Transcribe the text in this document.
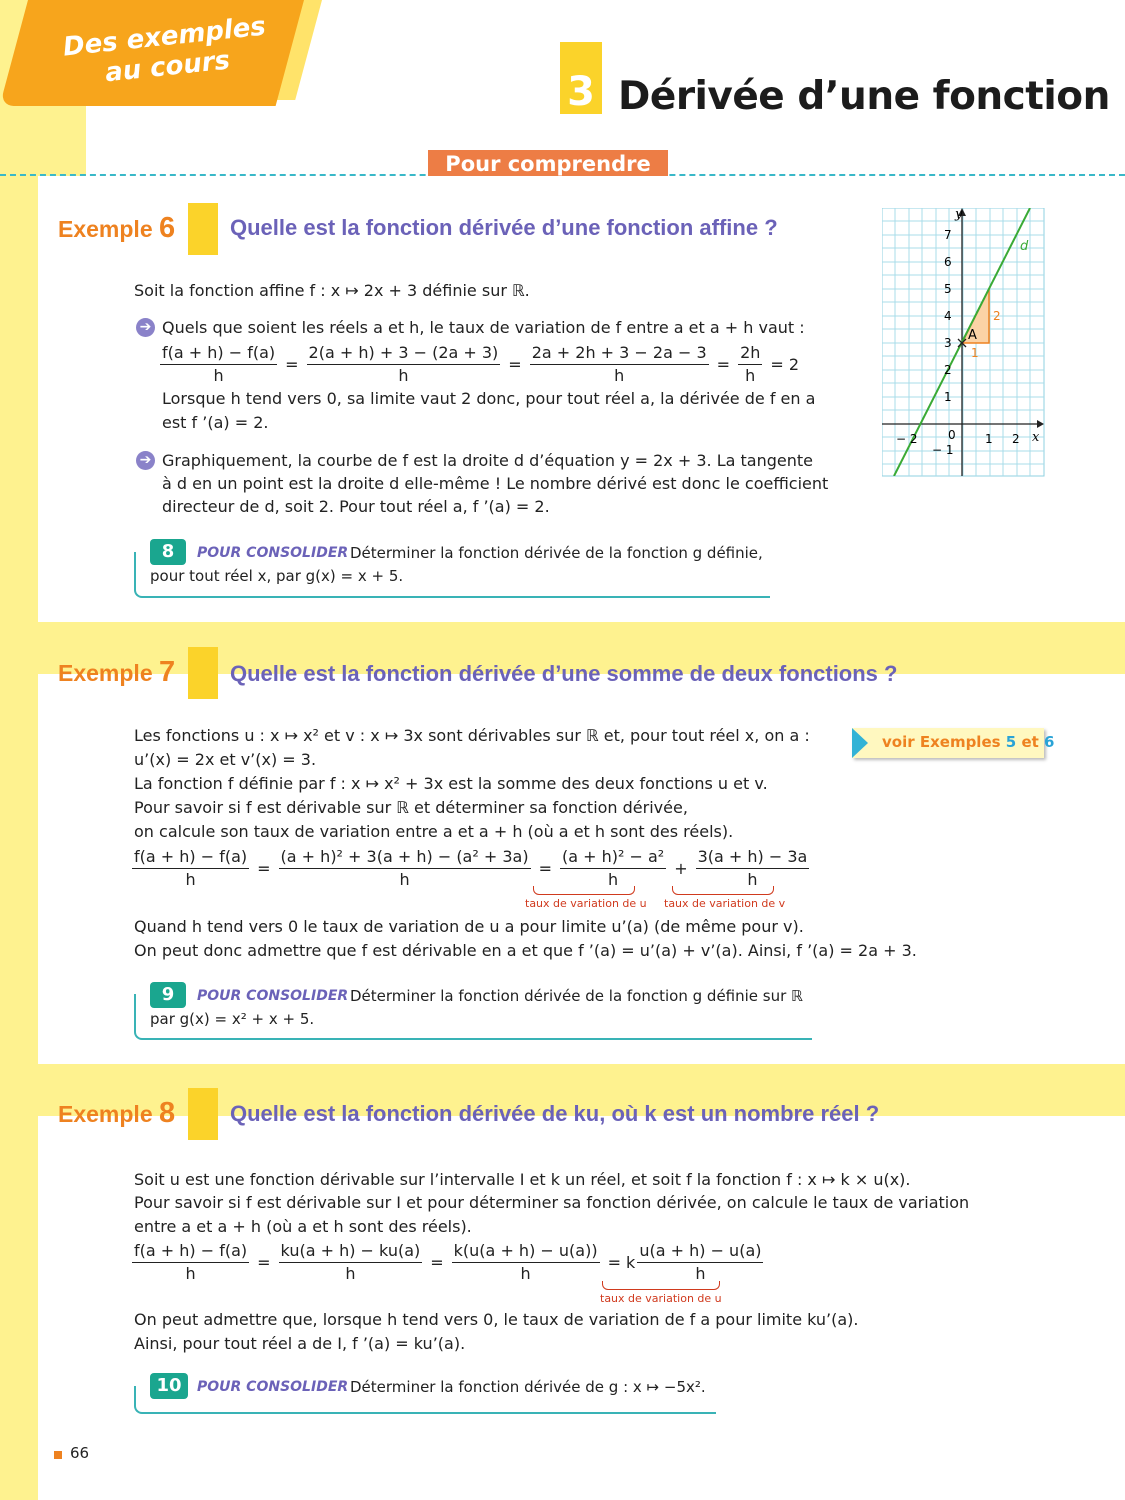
Des exemples au cours
3 Dérivée d’une fonction
Pour comprendre
Exemple 6 Quelle est la fonction dérivée d’une fonction affine ?
Soit la fonction affine f : x ↦ 2x + 3 définie sur ℝ.
➔ Quels que soient les réels a et h, le taux de variation de f entre a et a + h vaut :
$\frac{f(a + h) - f(a)}{h} = \frac{2(a + h) + 3 - (2a + 3)}{h} = \frac{2a + 2h + 3 - 2a - 3}{h} = \frac{2h}{h} = 2$
Lorsque h tend vers 0, sa limite vaut 2 donc, pour tout réel a, la dérivée de f en a
est f ’(a) = 2.
➔ Graphiquement, la courbe de f est la droite d d’équation y = 2x + 3. La tangente
à d en un point est la droite d elle-même ! Le nombre dérivé est donc le coefficient
directeur de d, soit 2. Pour tout réel a, f ’(a) = 2.
8	POUR CONSOLIDER Déterminer la fonction dérivée de la fonction g définie,
pour tout réel x, par g(x) = x + 5.
y
x
d
A
1
2
0
7
6
5
4
3
2
1
− 1
− 2	1 2
Exemple 7 Quelle est la fonction dérivée d’une somme de deux fonctions ?
voir Exemples 5 et 6
Les fonctions u : x ↦ x² et v : x ↦ 3x sont dérivables sur ℝ et, pour tout réel x, on a :
u’(x) = 2x et v’(x) = 3.
La fonction f définie par f : x ↦ x² + 3x est la somme des deux fonctions u et v.
Pour savoir si f est dérivable sur ℝ et déterminer sa fonction dérivée,
on calcule son taux de variation entre a et a + h (où a et h sont des réels).
$\frac{f(a + h) - f(a)}{h} = \frac{\text{(a + h)² + 3(a + h) − (a² + 3a)}}{h} = \frac{\text{(a + h)² − a²}}{h} + \frac{3(a + h) - 3a}{h}$
taux de variation de u taux de variation de v
Quand h tend vers 0 le taux de variation de u a pour limite u’(a) (de même pour v).
On peut donc admettre que f est dérivable en a et que f ’(a) = u’(a) + v’(a). Ainsi, f ’(a) = 2a + 3.
9	POUR CONSOLIDER Déterminer la fonction dérivée de la fonction g définie sur ℝ
par g(x) = x² + x + 5.
Exemple 8 Quelle est la fonction dérivée de ku, où k est un nombre réel ?
Soit u est une fonction dérivable sur l’intervalle I et k un réel, et soit f la fonction f : x ↦ k × u(x).
Pour savoir si f est dérivable sur I et pour déterminer sa fonction dérivée, on calcule le taux de variation
entre a et a + h (où a et h sont des réels).
$\frac{f(a + h) - f(a)}{h} = \frac{ku(a + h) - ku(a)}{h} = \frac{k(u(a + h) - u(a))}{h} = k \frac{u(a + h) - u(a)}{h}$
taux de variation de u
On peut admettre que, lorsque h tend vers 0, le taux de variation de f a pour limite ku’(a).
Ainsi, pour tout réel a de I, f ’(a) = ku’(a).
10	POUR CONSOLIDER Déterminer la fonction dérivée de g : x ↦ −5x².
66
